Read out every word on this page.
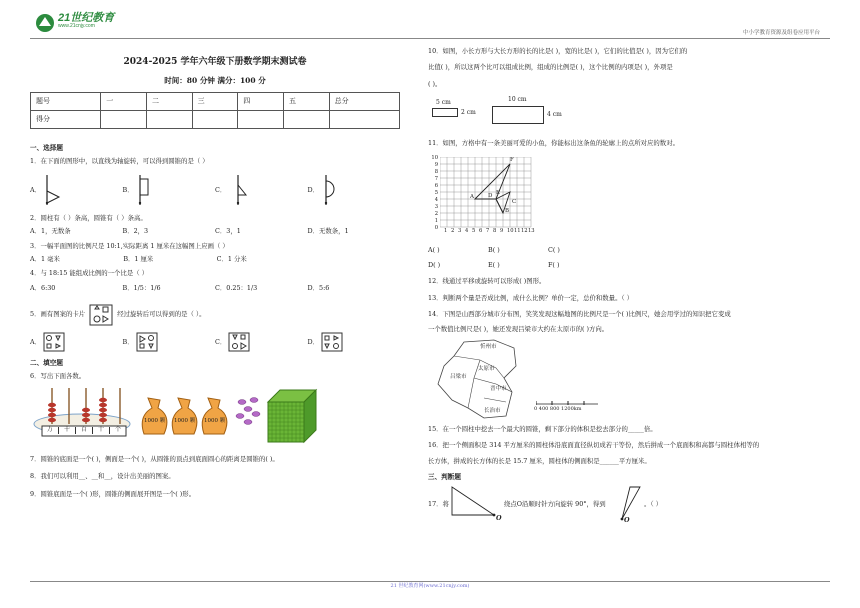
21世纪教育
www.21cnjy.com
中小学教育资源及组卷应用平台
2024-2025 学年六年级下册数学期末测试卷
时间：80 分钟 满分：100 分
题号	一	二	三	四	五	总分
得分						
一、选择题
1．在下面的图形中，以直线为轴旋转，可以得到圆锥的是（ ）
A．	B．	C．	D．
2．圆柱有（ ）条高，圆锥有（ ）条高。
A．1，无数条	B．2，3	C．3，1	D．无数条，1
3．一幅平面图的比例尺是 10:1,实际距离 1 厘米在这幅图上应画（ ）
A．1 毫米	B．1 厘米	C．1 分米
4．与 18:15 能组成比例的一个比是（ ）
A．6:30	B．1/5：1/6	C．0.25：1/3	D．5:6
5．画有图案的卡片	经过旋转后可以得到的是（ ）。
A．	B．	C．	D．
二、填空题
6．写出下面各数。
万	千	百	十	个
1000 颗 1000 颗 1000 颗
7．圆锥的底面是一个( )，侧面是一个( )，从圆锥的顶点到底面圆心的距离是圆锥的( )。
8．我们可以利用__、__和__，设计出美丽的图案。
9．圆锥底面是一个( )形，圆锥的侧面展开图是一个( )形。
10．如图，小长方形与大长方形的长的比是( )，宽的比是( )，它们的比值是( )，因为它们的
比值( )，所以这两个比可以组成比例，组成的比例是( )，这个比例的内项是( )，外项是
( )。
5 cm
2 cm
10 cm
4 cm
11．如图，方格中有一条美丽可爱的小鱼，你能标出这条鱼的轮廓上的点所对应的数对。
10
9
8
7
6
5
4
3
2
1
0
F
E
A	D
C
B
1 2 3 4 5 6 7 8 9 10 11 12 13
A( )	B( )	C( )
D( )	E( )	F( )
12．线通过平移或旋转可以形成( )图形。
13．判断两个量是否成比例，成什么比例？单价一定，总价和数量。（ ）
14．下图是山西部分城市分布图，笑笑发现这幅地图的比例尺是一个( )比例尺，她会用学过的知识把它变成
一个数值比例尺是( )，她还发现吕梁市大约在太原市的( )方向。
忻州市
太原市
吕梁市
晋中市
长治市	0 400 800 1200km
15．在一个圆柱中挖去一个最大的圆锥，剩下部分的体积是挖去部分的_____倍。
16．把一个侧面积是 314 平方厘米的圆柱体沿底面直径纵切成若干等份，然后拼成一个底面积和高都与圆柱体相等的
长方体，拼成的长方体的长是 15.7 厘米，圆柱体的侧面积是______平方厘米。
三、判断题
17．将
O
绕点O沿顺时针方向旋转 90°，得到
O
。（ ）
21 世纪教育网(www.21cnjy.com)
